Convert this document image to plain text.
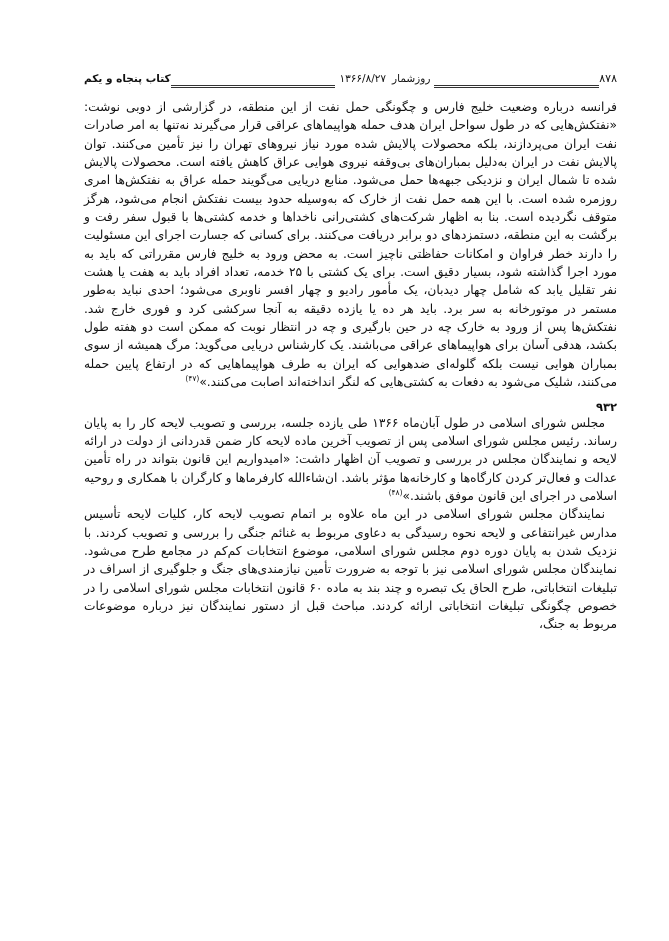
۸۷۸
روزشمار
۱۳۶۶/۸/۲۷
کتاب پنجاه و یکم

فرانسه درباره وضعیت خلیج فارس و چگونگی حمل نفت از این منطقه، در گزارشی از دوبی نوشت: «نفتکش‌هایی که در طول سواحل ایران هدف حمله هواپیماهای عراقی قرار می‌گیرند نه‌تنها به امر صادرات نفت ایران می‌پردازند، بلکه محصولات پالایش شده مورد نیاز نیروهای تهران را نیز تأمین می‌کنند. توان پالایش نفت در ایران به‌دلیل بمباران‌های بی‌وقفه نیروی هوایی عراق کاهش یافته است. محصولات پالایش شده تا شمال ایران و نزدیکی جبهه‌ها حمل می‌شود. منابع دریایی می‌گویند حمله عراق به نفتکش‌ها امری روزمره شده است. با این همه حمل نفت از خارک که به‌وسیله حدود بیست نفتکش انجام می‌شود، هرگز متوقف نگردیده است. بنا به اظهار شرکت‌های کشتی‌رانی ناخداها و خدمه کشتی‌ها با قبول سفر رفت و برگشت به این منطقه، دستمزدهای دو برابر دریافت می‌کنند. برای کسانی که جسارت اجرای این مسئولیت را دارند خطر فراوان و امکانات حفاظتی ناچیز است. به محض ورود به خلیج فارس مقرراتی که باید به مورد اجرا گذاشته شود، بسیار دقیق است. برای یک کشتی با ۲۵ خدمه، تعداد افراد باید به هفت یا هشت نفر تقلیل یابد که شامل چهار دیدبان، یک مأمور رادیو و چهار افسر ناوبری می‌شود؛ احدی نباید به‌طور مستمر در موتورخانه به سر برد. باید هر ده یا یازده دقیقه به آنجا سرکشی کرد و فوری خارج شد. نفتکش‌ها پس از ورود به خارک چه در حین بارگیری و چه در انتظار نوبت که ممکن است دو هفته طول بکشد، هدفی آسان برای هواپیماهای عراقی می‌باشند. یک کارشناس دریایی می‌گوید: مرگ همیشه از سوی بمباران هوایی نیست بلکه گلوله‌ای ضدهوایی که ایران به طرف هواپیماهایی که در ارتفاع پایین حمله می‌کنند، شلیک می‌شود به دفعات به کشتی‌هایی که لنگر انداخته‌اند اصابت می‌کنند.»$^{(۴۷)}$

۹۳۲

مجلس شورای اسلامی در طول آبان‌ماه ۱۳۶۶ طی یازده جلسه، بررسی و تصویب لایحه کار را به پایان رساند. رئیس مجلس شورای اسلامی پس از تصویب آخرین ماده لایحه کار ضمن قدردانی از دولت در ارائه لایحه و نمایندگان مجلس در بررسی و تصویب آن اظهار داشت: «امیدواریم این قانون بتواند در راه تأمین عدالت و فعال‌تر کردن کارگاه‌ها و کارخانه‌ها مؤثر باشد. ان‌شاءالله کارفرماها و کارگران با همکاری و روحیه اسلامی در اجرای این قانون موفق باشند.»$^{(۴۸)}$

نمایندگان مجلس شورای اسلامی در این ماه علاوه بر اتمام تصویب لایحه کار، کلیات لایحه تأسیس مدارس غیرانتفاعی و لایحه نحوه رسیدگی به دعاوی مربوط به غنائم جنگی را بررسی و تصویب کردند. با نزدیک شدن به پایان دوره دوم مجلس شورای اسلامی، موضوع انتخابات کم‌کم در مجامع طرح می‌شود. نمایندگان مجلس شورای اسلامی نیز با توجه به ضرورت تأمین نیازمندی‌های جنگ و جلوگیری از اسراف در تبلیغات انتخاباتی، طرح الحاق یک تبصره و چند بند به ماده ۶۰ قانون انتخابات مجلس شورای اسلامی را در خصوص چگونگی تبلیغات انتخاباتی ارائه کردند. مباحث قبل از دستور نمایندگان نیز درباره موضوعات مربوط به جنگ،
